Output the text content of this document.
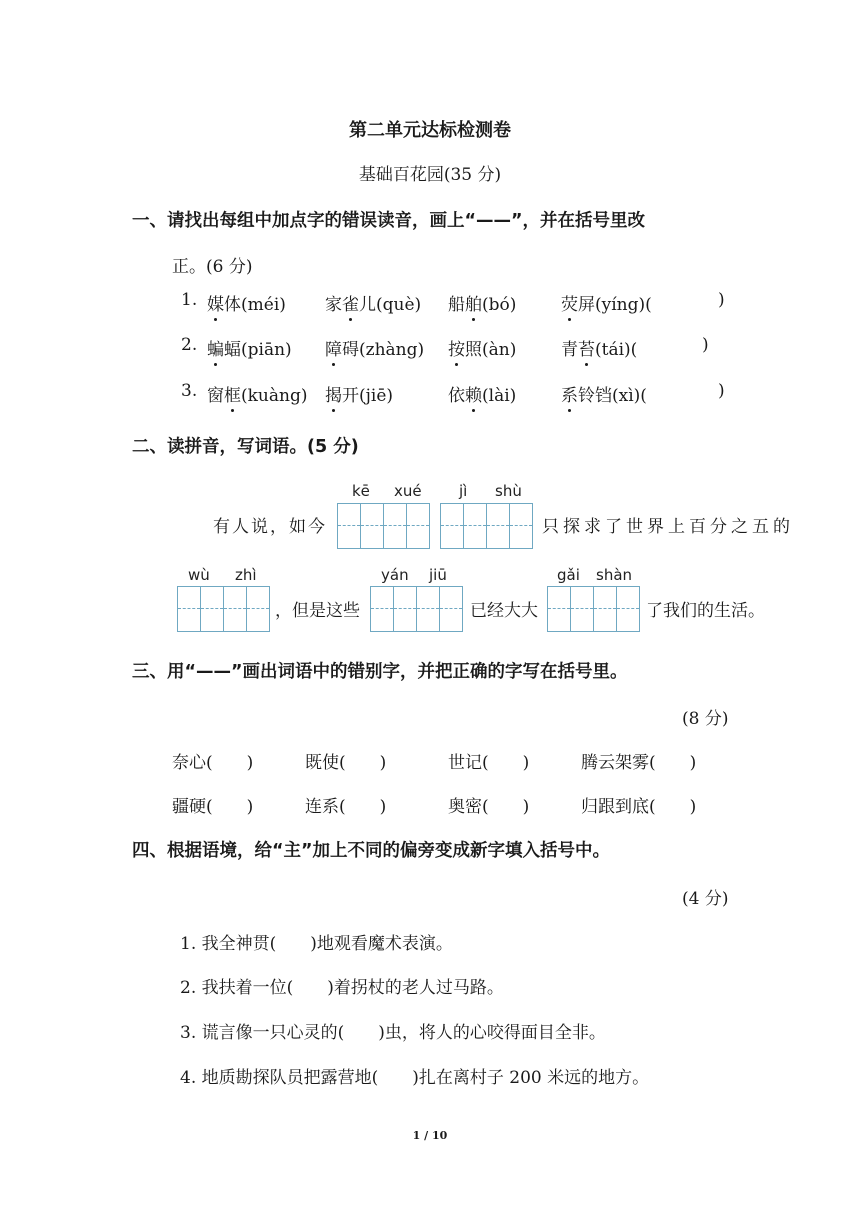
第二单元达标检测卷
基础百花园(35 分)
一、请找出每组中加点字的错误读音，画上“——”，并在括号里改
正。(6 分)
1. 媒体(méi) 家雀儿(què) 船舶(bó)	荧屏(yíng)(	)
2. 蝙蝠(piān) 障碍(zhàng) 按照(àn)	青苔(tái)(	)
3. 窗框(kuàng) 揭开(jiē)	依赖(lài)	系铃铛(xì)(	)
二、读拼音，写词语。(5 分)
有人说，如今	只探求了世界上百分之五的
，但是这些	已经大大	了我们的生活。
kē xué jì shù
wù zhì	yán jiū	gǎi shàn
三、用“——”画出词语中的错别字，并把正确的字写在括号里。
(8 分)
奈心(　　)	既使(　　)	世记(　　)	腾云架雾(　　)
疆硬(　　)	连系(　　)	奥密(　　)	归跟到底(　　)
四、根据语境，给“主”加上不同的偏旁变成新字填入括号中。
(4 分)
1. 我全神贯(　　)地观看魔术表演。
2. 我扶着一位(　　)着拐杖的老人过马路。
3. 谎言像一只心灵的(　　)虫，将人的心咬得面目全非。
4. 地质勘探队员把露营地(　　)扎在离村子 200 米远的地方。
1 / 10
